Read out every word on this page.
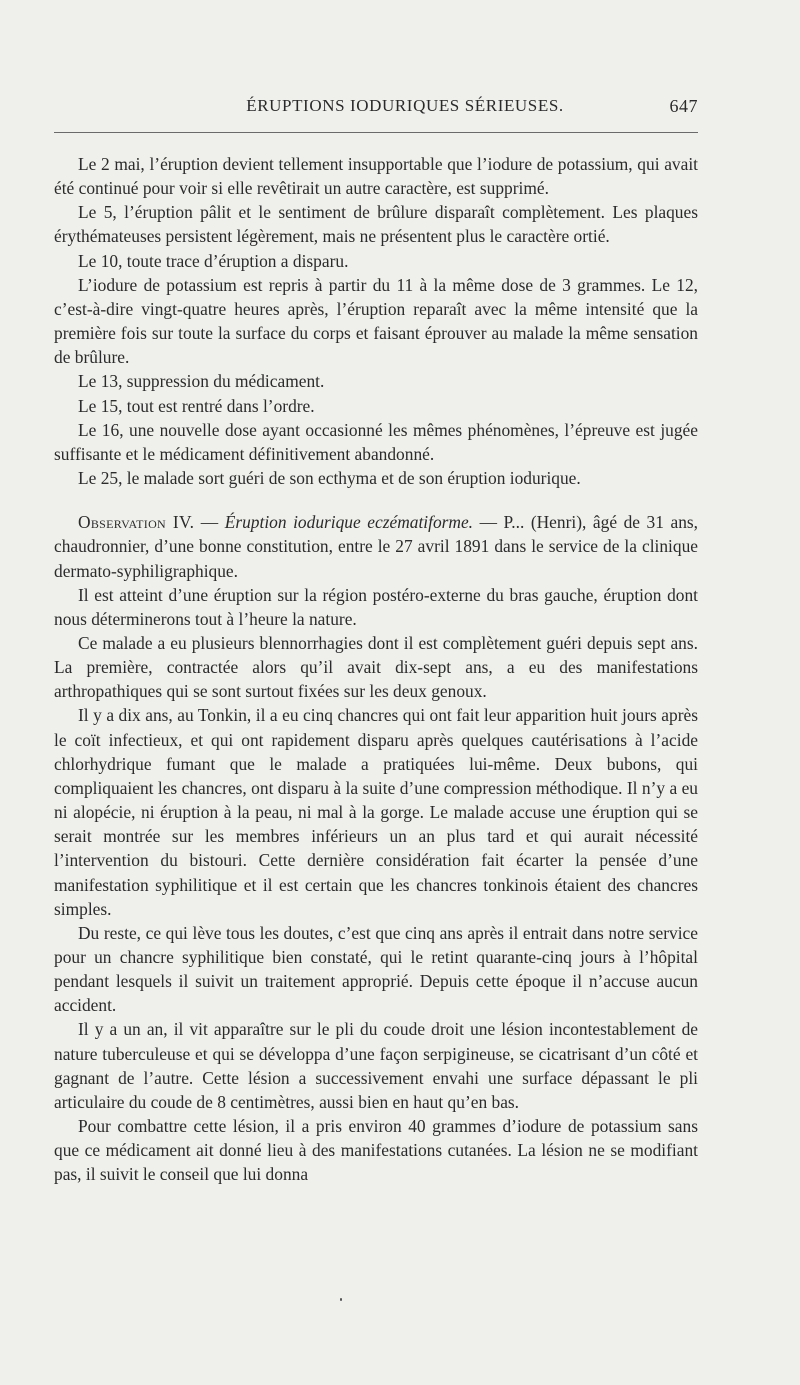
ÉRUPTIONS IODURIQUES SÉRIEUSES.	647

Le 2 mai, l’éruption devient tellement insupportable que l’iodure de potassium, qui avait été continué pour voir si elle revêtirait un autre caractère, est supprimé.

Le 5, l’éruption pâlit et le sentiment de brûlure disparaît complètement. Les plaques érythémateuses persistent légèrement, mais ne présentent plus le caractère ortié.

Le 10, toute trace d’éruption a disparu.

L’iodure de potassium est repris à partir du 11 à la même dose de 3 grammes. Le 12, c’est-à-dire vingt-quatre heures après, l’éruption reparaît avec la même intensité que la première fois sur toute la surface du corps et faisant éprouver au malade la même sensation de brûlure.

Le 13, suppression du médicament.

Le 15, tout est rentré dans l’ordre.

Le 16, une nouvelle dose ayant occasionné les mêmes phénomènes, l’épreuve est jugée suffisante et le médicament définitivement abandonné.

Le 25, le malade sort guéri de son ecthyma et de son éruption iodurique.

Observation IV. — Éruption iodurique eczématiforme. — P... (Henri), âgé de 31 ans, chaudronnier, d’une bonne constitution, entre le 27 avril 1891 dans le service de la clinique dermato-syphiligraphique.

Il est atteint d’une éruption sur la région postéro-externe du bras gauche, éruption dont nous déterminerons tout à l’heure la nature.

Ce malade a eu plusieurs blennorrhagies dont il est complètement guéri depuis sept ans. La première, contractée alors qu’il avait dix-sept ans, a eu des manifestations arthropathiques qui se sont surtout fixées sur les deux genoux.

Il y a dix ans, au Tonkin, il a eu cinq chancres qui ont fait leur apparition huit jours après le coït infectieux, et qui ont rapidement disparu après quelques cautérisations à l’acide chlorhydrique fumant que le malade a pratiquées lui-même. Deux bubons, qui compliquaient les chancres, ont disparu à la suite d’une compression méthodique. Il n’y a eu ni alopécie, ni éruption à la peau, ni mal à la gorge. Le malade accuse une éruption qui se serait montrée sur les membres inférieurs un an plus tard et qui aurait nécessité l’intervention du bistouri. Cette dernière considération fait écarter la pensée d’une manifestation syphilitique et il est certain que les chancres tonkinois étaient des chancres simples.

Du reste, ce qui lève tous les doutes, c’est que cinq ans après il entrait dans notre service pour un chancre syphilitique bien constaté, qui le retint quarante-cinq jours à l’hôpital pendant lesquels il suivit un traitement approprié. Depuis cette époque il n’accuse aucun accident.

Il y a un an, il vit apparaître sur le pli du coude droit une lésion incontestablement de nature tuberculeuse et qui se développa d’une façon serpigineuse, se cicatrisant d’un côté et gagnant de l’autre. Cette lésion a successivement envahi une surface dépassant le pli articulaire du coude de 8 centimètres, aussi bien en haut qu’en bas.

Pour combattre cette lésion, il a pris environ 40 grammes d’iodure de potassium sans que ce médicament ait donné lieu à des manifestations cutanées. La lésion ne se modifiant pas, il suivit le conseil que lui donna
